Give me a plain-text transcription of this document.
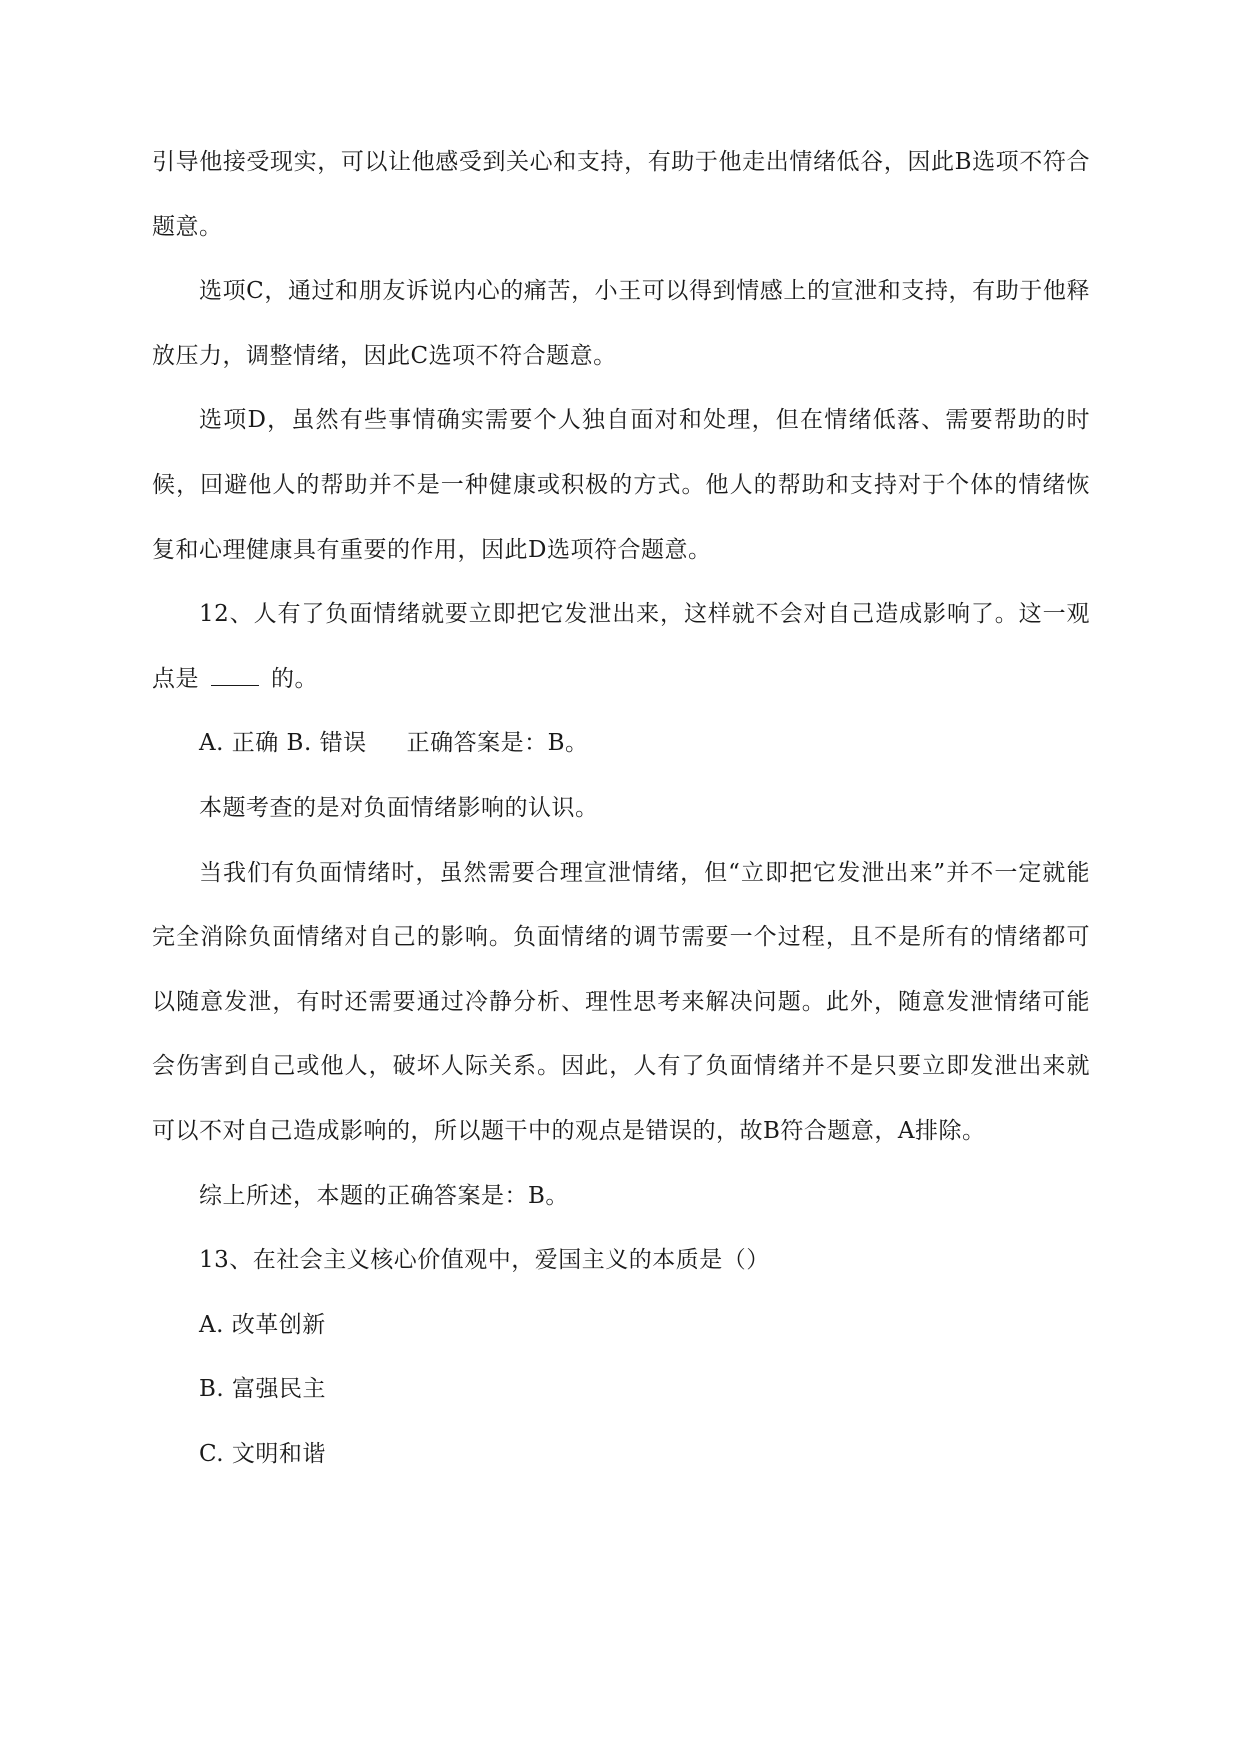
引导他接受现实，可以让他感受到关心和支持，有助于他走出情绪低谷，因此B选项不符合题意。

选项C，通过和朋友诉说内心的痛苦，小王可以得到情感上的宣泄和支持，有助于他释放压力，调整情绪，因此C选项不符合题意。

选项D，虽然有些事情确实需要个人独自面对和处理，但在情绪低落、需要帮助的时候，回避他人的帮助并不是一种健康或积极的方式。他人的帮助和支持对于个体的情绪恢复和心理健康具有重要的作用，因此D选项符合题意。

12、人有了负面情绪就要立即把它发泄出来，这样就不会对自己造成影响了。这一观点是	的。

A. 正确 B. 错误 正确答案是：B。

本题考查的是对负面情绪影响的认识。

当我们有负面情绪时，虽然需要合理宣泄情绪，但“立即把它发泄出来”并不一定就能完全消除负面情绪对自己的影响。负面情绪的调节需要一个过程，且不是所有的情绪都可以随意发泄，有时还需要通过冷静分析、理性思考来解决问题。此外，随意发泄情绪可能会伤害到自己或他人，破坏人际关系。因此，人有了负面情绪并不是只要立即发泄出来就可以不对自己造成影响的，所以题干中的观点是错误的，故B符合题意，A排除。

综上所述，本题的正确答案是：B。

13、在社会主义核心价值观中，爱国主义的本质是（）

A. 改革创新

B. 富强民主

C. 文明和谐
